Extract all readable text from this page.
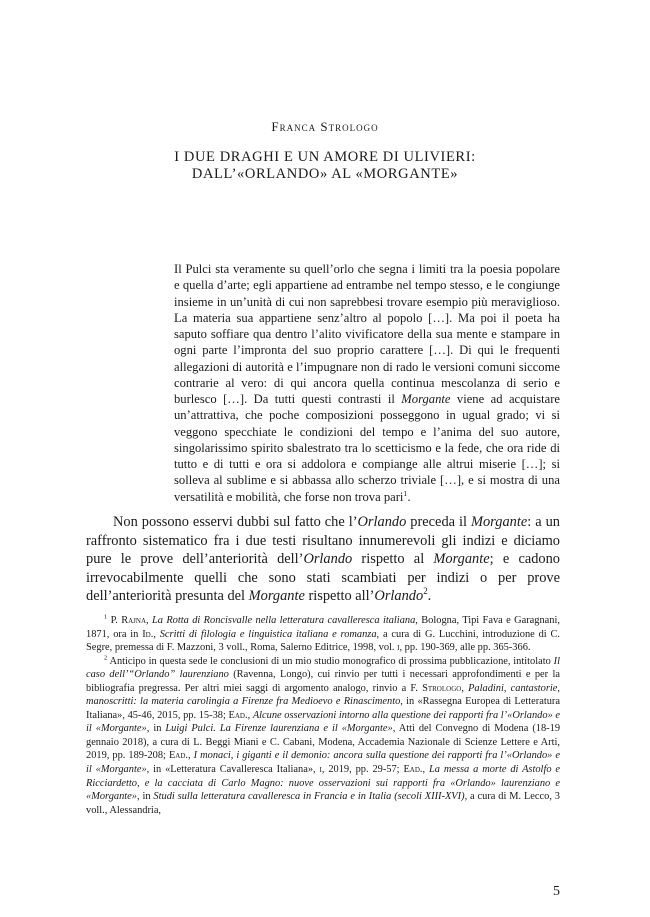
Franca Strologo
I DUE DRAGHI E UN AMORE DI ULIVIERI:
DALL’«ORLANDO» AL «MORGANTE»

Il Pulci sta veramente su quell’orlo che segna i limiti tra la poesia popolare e quella d’arte; egli appartiene ad entrambe nel tempo stesso, e le congiunge insieme in un’unità di cui non saprebbesi trovare esempio più meraviglioso. La materia sua appartiene senz’altro al popolo […]. Ma poi il poeta ha saputo soffiare qua dentro l’alito vivificatore della sua mente e stampare in ogni parte l’impronta del suo proprio carattere […]. Di qui le frequenti allegazioni di autorità e l’impugnare non di rado le versioni comuni siccome contrarie al vero: di qui ancora quella continua mescolanza di serio e burlesco […]. Da tutti questi contrasti il Morgante viene ad acquistare un’attrattiva, che poche composizioni posseggono in ugual grado; vi si veggono specchiate le condizioni del tempo e l’anima del suo autore, singolarissimo spirito sbalestrato tra lo scetticismo e la fede, che ora ride di tutto e di tutti e ora si addolora e compiange alle altrui miserie […]; si solleva al sublime e si abbassa allo scherzo triviale […], e si mostra di una versatilità e mobilità, che forse non trova pari$^1$.

Non possono esservi dubbi sul fatto che l’Orlando preceda il Morgante: a un raffronto sistematico fra i due testi risultano innumerevoli gli indizi e diciamo pure le prove dell’anteriorità dell’Orlando rispetto al Morgante; e cadono irrevocabilmente quelli che sono stati scambiati per indizi o per prove dell’anteriorità presunta del Morgante rispetto all’Orlando$^2$.

$^1$ P. Rajna, La Rotta di Roncisvalle nella letteratura cavalleresca italiana, Bologna, Tipi Fava e Garagnani, 1871, ora in Id., Scritti di filologia e linguistica italiana e romanza, a cura di G. Lucchini, introduzione di C. Segre, premessa di F. Mazzoni, 3 voll., Roma, Salerno Editrice, 1998, vol. i, pp. 190-369, alle pp. 365-366.

$^2$ Anticipo in questa sede le conclusioni di un mio studio monografico di prossima pubblicazione, intitolato Il caso dell’“Orlando” laurenziano (Ravenna, Longo), cui rinvio per tutti i necessari approfondimenti e per la bibliografia pregressa. Per altri miei saggi di argomento analogo, rinvio a F. Strologo, Paladini, cantastorie, manoscritti: la materia carolingia a Firenze fra Medioevo e Rinascimento, in «Rassegna Europea di Letteratura Italiana», 45-46, 2015, pp. 15-38; Ead., Alcune osservazioni intorno alla questione dei rapporti fra l’«Orlando» e il «Morgante», in Luigi Pulci. La Firenze laurenziana e il «Morgante», Atti del Convegno di Modena (18-19 gennaio 2018), a cura di L. Beggi Miani e C. Cabani, Modena, Accademia Nazionale di Scienze Lettere e Arti, 2019, pp. 189-208; Ead., I monaci, i giganti e il demonio: ancora sulla questione dei rapporti fra l’«Orlando» e il «Morgante», in «Letteratura Cavalleresca Italiana», i, 2019, pp. 29-57; Ead., La messa a morte di Astolfo e Ricciardetto, e la cacciata di Carlo Magno: nuove osservazioni sui rapporti fra «Orlando» laurenziano e «Morgante», in Studi sulla letteratura cavalleresca in Francia e in Italia (secoli XIII-XVI), a cura di M. Lecco, 3 voll., Alessandria,

5
